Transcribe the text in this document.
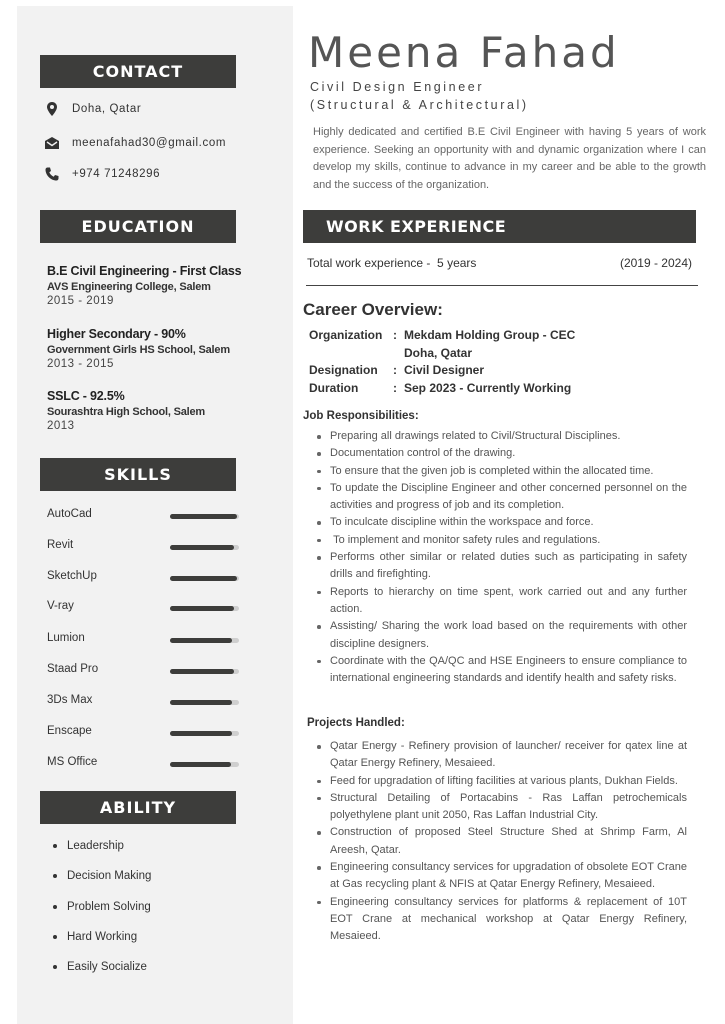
CONTACT
Doha, Qatar
meenafahad30@gmail.com
+974 71248296
EDUCATION
B.E Civil Engineering - First Class
AVS Engineering College, Salem
2015 - 2019
Higher Secondary - 90%
Government Girls HS School, Salem
2013 - 2015
SSLC - 92.5%
Sourashtra High School, Salem
2013
SKILLS
AutoCad
Revit
SketchUp
V-ray
Lumion
Staad Pro
3Ds Max
Enscape
MS Office
ABILITY
Leadership
Decision Making
Problem Solving
Hard Working
Easily Socialize
Meena Fahad
Civil Design Engineer
(Structural & Architectural)
Highly dedicated and certified B.E Civil Engineer with having 5 years of work experience. Seeking an opportunity with and dynamic organization where I can develop my skills, continue to advance in my career and be able to the growth and the success of the organization.
WORK EXPERIENCE
Total work experience -  5 years	(2019 - 2024)
Career Overview:
Organization : Mekdam Holding Group - CEC
Doha, Qatar
Designation : Civil Designer
Duration	: Sep 2023 - Currently Working
Job Responsibilities:
Preparing all drawings related to Civil/Structural Disciplines.
Documentation control of the drawing.
To ensure that the given job is completed within the allocated time.
To update the Discipline Engineer and other concerned personnel on the activities and progress of job and its completion.
To inculcate discipline within the workspace and force.
To implement and monitor safety rules and regulations.
Performs other similar or related duties such as participating in safety drills and firefighting.
Reports to hierarchy on time spent, work carried out and any further action.
Assisting/ Sharing the work load based on the requirements with other discipline designers.
Coordinate with the QA/QC and HSE Engineers to ensure compliance to international engineering standards and identify health and safety risks.
Projects Handled:
Qatar Energy - Refinery provision of launcher/ receiver for qatex line at Qatar Energy Refinery, Mesaieed.
Feed for upgradation of lifting facilities at various plants, Dukhan Fields.
Structural Detailing of Portacabins - Ras Laffan petrochemicals polyethylene plant unit 2050, Ras Laffan Industrial City.
Construction of proposed Steel Structure Shed at Shrimp Farm, Al Areesh, Qatar.
Engineering consultancy services for upgradation of obsolete EOT Crane at Gas recycling plant & NFIS at Qatar Energy Refinery, Mesaieed.
Engineering consultancy services for platforms & replacement of 10T EOT Crane at mechanical workshop at Qatar Energy Refinery, Mesaieed.
